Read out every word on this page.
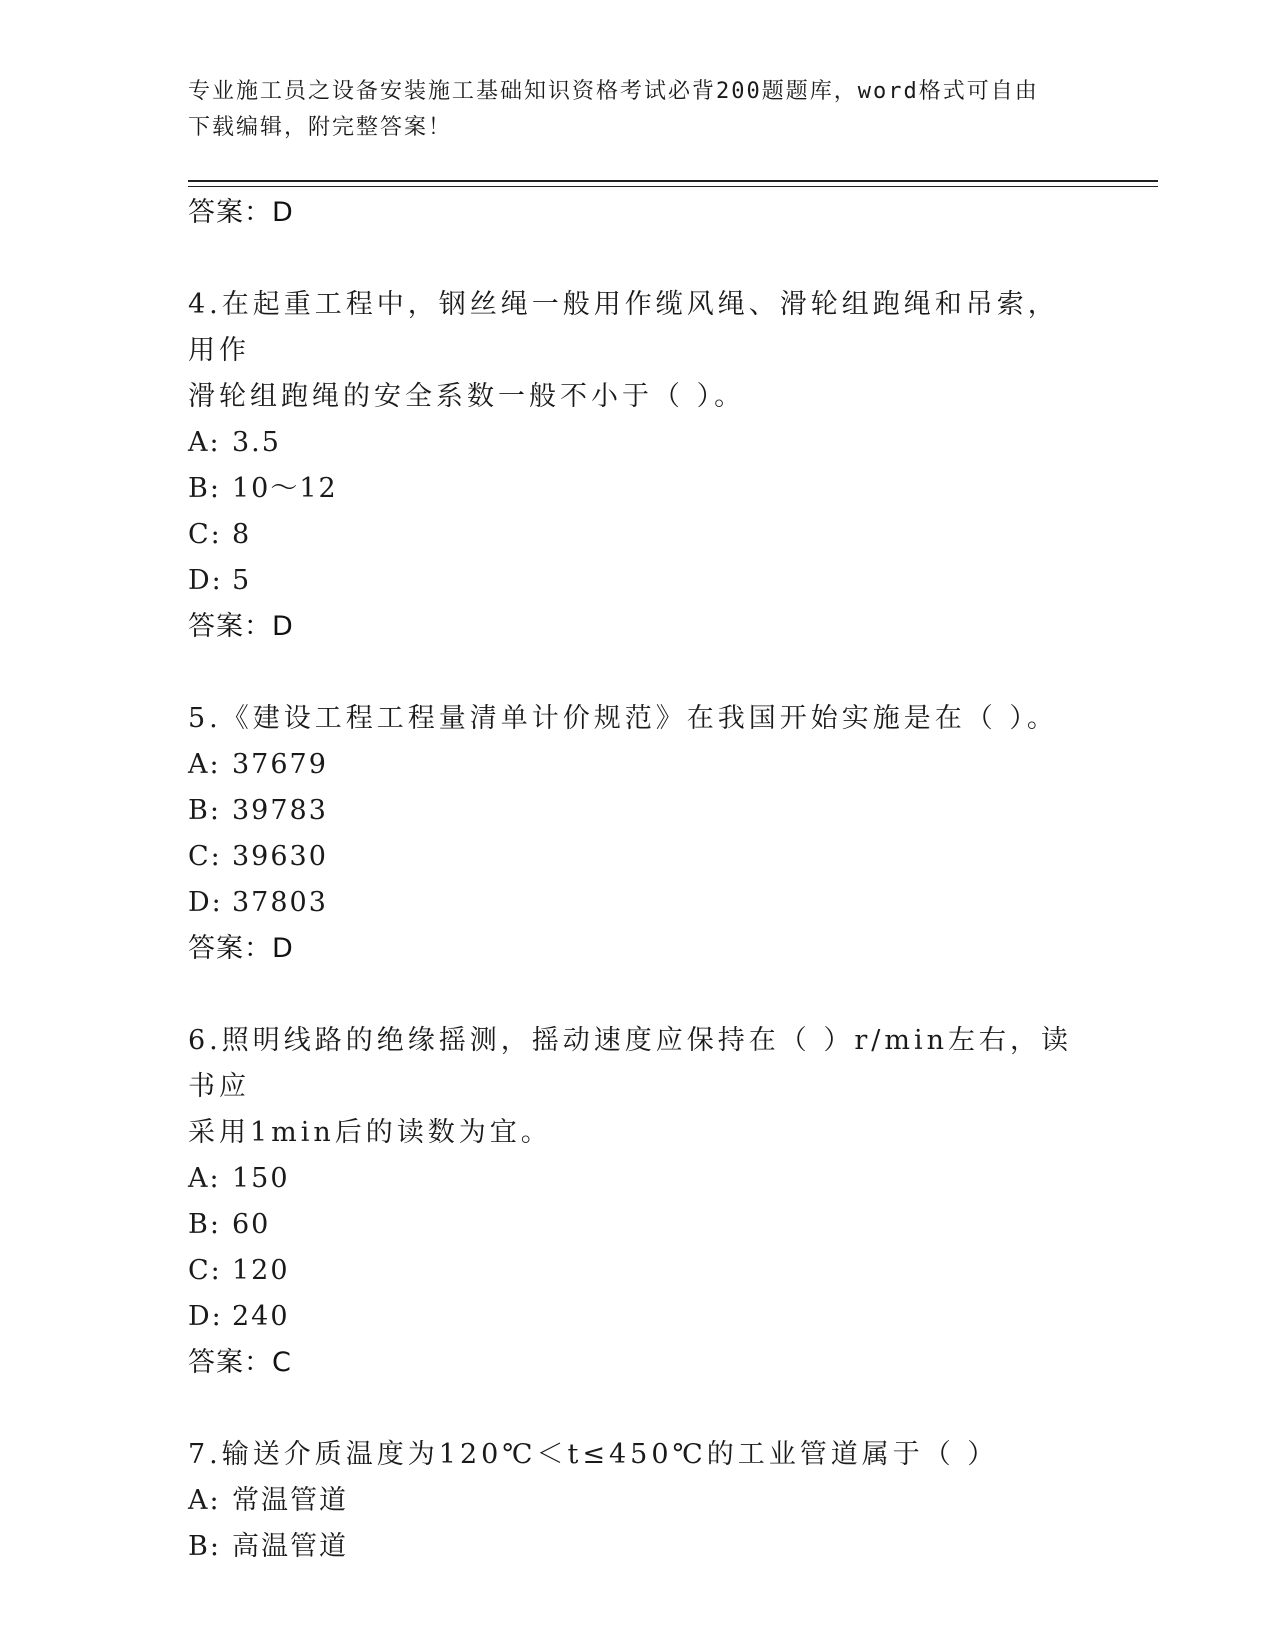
专业施工员之设备安装施工基础知识资格考试必背200题题库，word格式可自由
下载编辑，附完整答案！
答案：D
4.在起重工程中，钢丝绳一般用作缆风绳、滑轮组跑绳和吊索，用作
滑轮组跑绳的安全系数一般不小于（ ）。
A: 3.5
B: 10～12
C: 8
D: 5
答案：D
5.《建设工程工程量清单计价规范》在我国开始实施是在（ ）。
A: 37679
B: 39783
C: 39630
D: 37803
答案：D
6.照明线路的绝缘摇测，摇动速度应保持在（ ）r/min左右，读书应
采用1min后的读数为宜。
A: 150
B: 60
C: 120
D: 240
答案：C
7.输送介质温度为120℃＜t≤450℃的工业管道属于（ ）
A: 常温管道
B: 高温管道
